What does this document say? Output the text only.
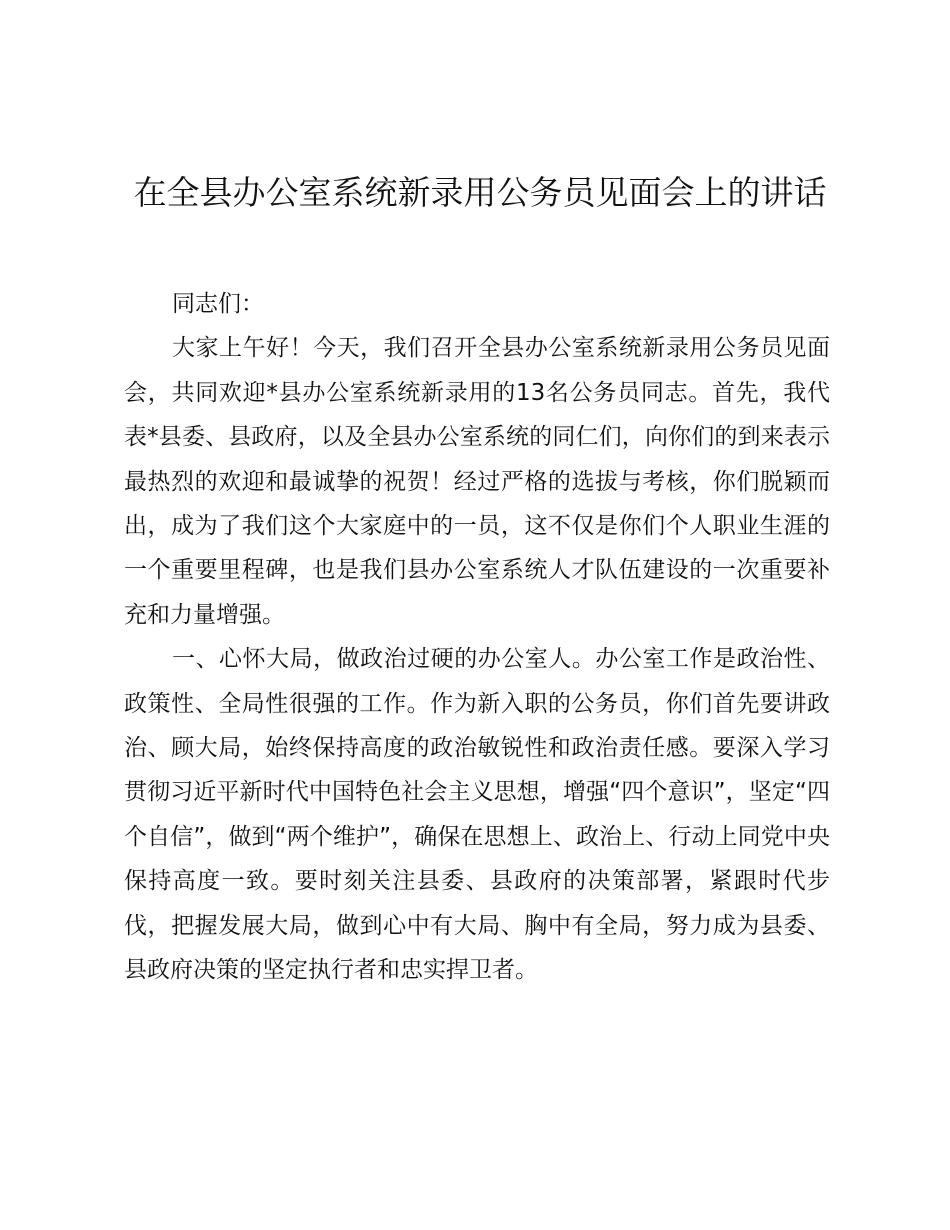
在全县办公室系统新录用公务员见面会上的讲话

同志们：

大家上午好！今天，我们召开全县办公室系统新录用公务员见面会，共同欢迎*县办公室系统新录用的13名公务员同志。首先，我代表*县委、县政府，以及全县办公室系统的同仁们，向你们的到来表示最热烈的欢迎和最诚挚的祝贺！经过严格的选拔与考核，你们脱颖而出，成为了我们这个大家庭中的一员，这不仅是你们个人职业生涯的一个重要里程碑，也是我们县办公室系统人才队伍建设的一次重要补充和力量增强。

一、心怀大局，做政治过硬的办公室人。办公室工作是政治性、政策性、全局性很强的工作。作为新入职的公务员，你们首先要讲政治、顾大局，始终保持高度的政治敏锐性和政治责任感。要深入学习贯彻习近平新时代中国特色社会主义思想，增强“四个意识”，坚定“四个自信”，做到“两个维护”，确保在思想上、政治上、行动上同党中央保持高度一致。要时刻关注县委、县政府的决策部署，紧跟时代步伐，把握发展大局，做到心中有大局、胸中有全局，努力成为县委、县政府决策的坚定执行者和忠实捍卫者。
